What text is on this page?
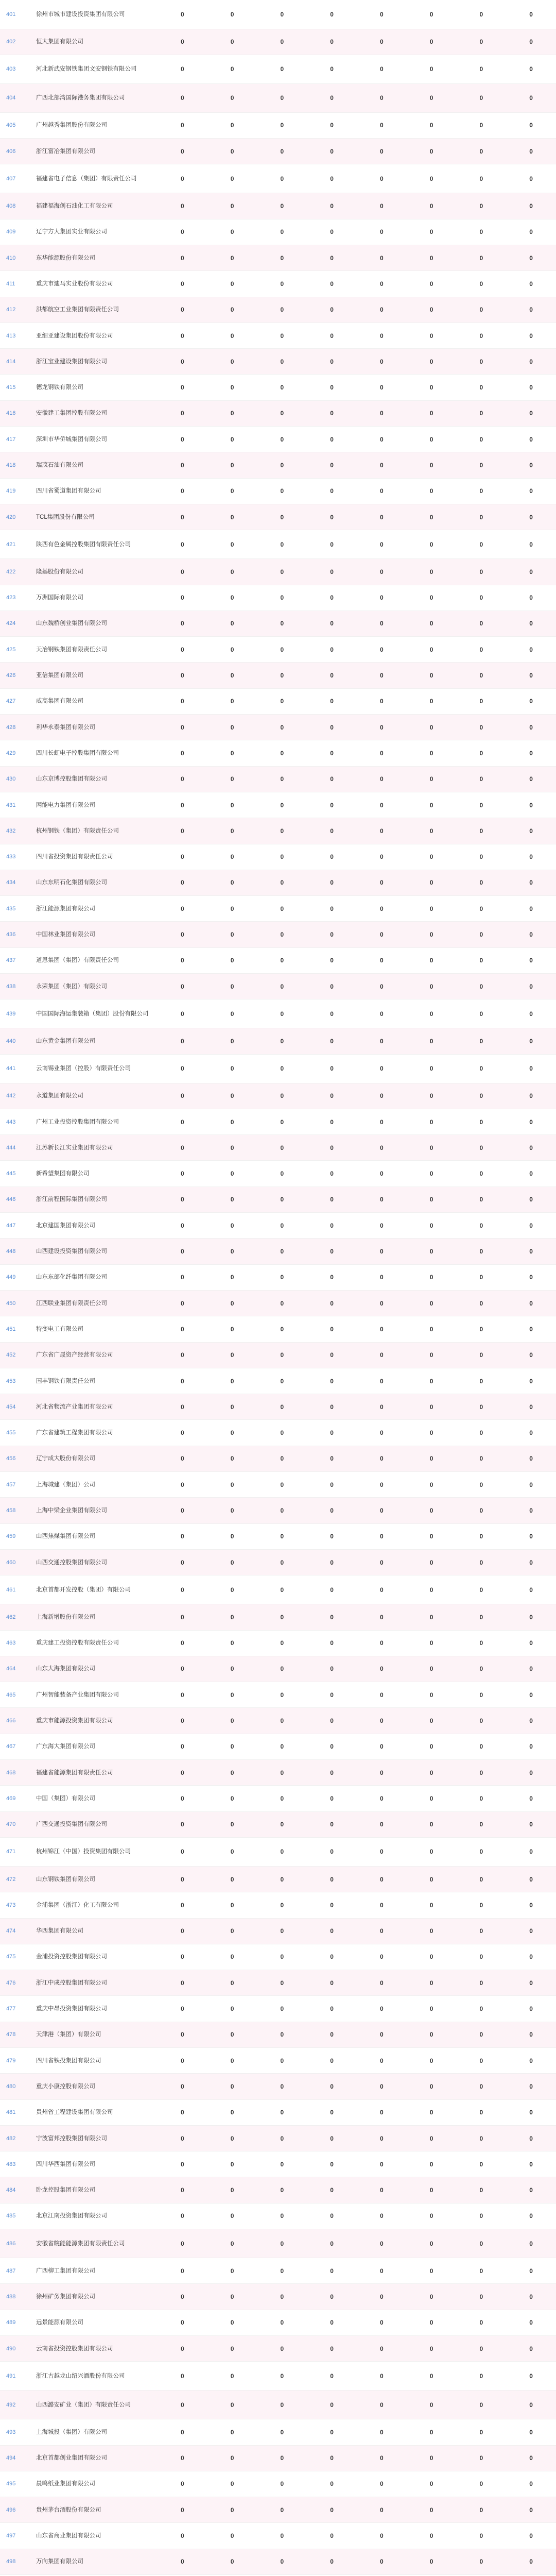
401	徐州市城市建设投资集团有限公司	0	0	0	0	0	0	0	0
402	恒大集团有限公司	0	0	0	0	0	0	0	0
403	河北新武安钢铁集团文安钢铁有限公司	0	0	0	0	0	0	0	0
404	广西北部湾国际港务集团有限公司	0	0	0	0	0	0	0	0
405	广州越秀集团股份有限公司	0	0	0	0	0	0	0	0
406	浙江富冶集团有限公司	0	0	0	0	0	0	0	0
407	福建省电子信息（集团）有限责任公司	0	0	0	0	0	0	0	0
408	福建福海创石油化工有限公司	0	0	0	0	0	0	0	0
409	辽宁方大集团实业有限公司	0	0	0	0	0	0	0	0
410	东华能源股份有限公司	0	0	0	0	0	0	0	0
411	重庆市迪马实业股份有限公司	0	0	0	0	0	0	0	0
412	洪都航空工业集团有限责任公司	0	0	0	0	0	0	0	0
413	亚细亚建设集团股份有限公司	0	0	0	0	0	0	0	0
414	浙江宝业建设集团有限公司	0	0	0	0	0	0	0	0
415	德龙钢铁有限公司	0	0	0	0	0	0	0	0
416	安徽建工集团控股有限公司	0	0	0	0	0	0	0	0
417	深圳市华侨城集团有限公司	0	0	0	0	0	0	0	0
418	瑞茂石油有限公司	0	0	0	0	0	0	0	0
419	四川省蜀道集团有限公司	0	0	0	0	0	0	0	0
420	TCL集团股份有限公司	0	0	0	0	0	0	0	0
421	陕西有色金属控股集团有限责任公司	0	0	0	0	0	0	0	0
422	隆基股份有限公司	0	0	0	0	0	0	0	0
423	万洲国际有限公司	0	0	0	0	0	0	0	0
424	山东魏桥创业集团有限公司	0	0	0	0	0	0	0	0
425	天冶钢铁集团有限责任公司	0	0	0	0	0	0	0	0
426	亚信集团有限公司	0	0	0	0	0	0	0	0
427	威高集团有限公司	0	0	0	0	0	0	0	0
428	利华永泰集团有限公司	0	0	0	0	0	0	0	0
429	四川长虹电子控股集团有限公司	0	0	0	0	0	0	0	0
430	山东京博控股集团有限公司	0	0	0	0	0	0	0	0
431	网能电力集团有限公司	0	0	0	0	0	0	0	0
432	杭州钢铁（集团）有限责任公司	0	0	0	0	0	0	0	0
433	四川省投资集团有限责任公司	0	0	0	0	0	0	0	0
434	山东东明石化集团有限公司	0	0	0	0	0	0	0	0
435	浙江能源集团有限公司	0	0	0	0	0	0	0	0
436	中国林业集团有限公司	0	0	0	0	0	0	0	0
437	道恩集团（集团）有限责任公司	0	0	0	0	0	0	0	0
438	永荣集团（集团）有限公司	0	0	0	0	0	0	0	0
439	中国国际海运集装箱（集团）股份有限公司	0	0	0	0	0	0	0	0
440	山东黄金集团有限公司	0	0	0	0	0	0	0	0
441	云南锡业集团（控股）有限责任公司	0	0	0	0	0	0	0	0
442	永道集团有限公司	0	0	0	0	0	0	0	0
443	广州工业投资控股集团有限公司	0	0	0	0	0	0	0	0
444	江苏新长江实业集团有限公司	0	0	0	0	0	0	0	0
445	新希望集团有限公司	0	0	0	0	0	0	0	0
446	浙江前程国际集团有限公司	0	0	0	0	0	0	0	0
447	北京建国集团有限公司	0	0	0	0	0	0	0	0
448	山西建设投资集团有限公司	0	0	0	0	0	0	0	0
449	山东东部化纤集团有限公司	0	0	0	0	0	0	0	0
450	江西联业集团有限责任公司	0	0	0	0	0	0	0	0
451	特变电工有限公司	0	0	0	0	0	0	0	0
452	广东省广晟资产经营有限公司	0	0	0	0	0	0	0	0
453	国丰钢铁有限责任公司	0	0	0	0	0	0	0	0
454	河北省物流产业集团有限公司	0	0	0	0	0	0	0	0
455	广东省建筑工程集团有限公司	0	0	0	0	0	0	0	0
456	辽宁成大股份有限公司	0	0	0	0	0	0	0	0
457	上海城建（集团）公司	0	0	0	0	0	0	0	0
458	上海中梁企业集团有限公司	0	0	0	0	0	0	0	0
459	山西焦煤集团有限公司	0	0	0	0	0	0	0	0
460	山西交通控股集团有限公司	0	0	0	0	0	0	0	0
461	北京首都开发控股（集团）有限公司	0	0	0	0	0	0	0	0
462	上海新增股份有限公司	0	0	0	0	0	0	0	0
463	重庆建工投资控股有限责任公司	0	0	0	0	0	0	0	0
464	山东大海集团有限公司	0	0	0	0	0	0	0	0
465	广州智能装备产业集团有限公司	0	0	0	0	0	0	0	0
466	重庆市能源投资集团有限公司	0	0	0	0	0	0	0	0
467	广东海大集团有限公司	0	0	0	0	0	0	0	0
468	福建省能源集团有限责任公司	0	0	0	0	0	0	0	0
469	中国（集团）有限公司	0	0	0	0	0	0	0	0
470	广西交通投资集团有限公司	0	0	0	0	0	0	0	0
471	杭州锦江（中国）投资集团有限公司	0	0	0	0	0	0	0	0
472	山东钢铁集团有限公司	0	0	0	0	0	0	0	0
473	金浦集团（浙江）化工有限公司	0	0	0	0	0	0	0	0
474	华西集团有限公司	0	0	0	0	0	0	0	0
475	金浦投资控股集团有限公司	0	0	0	0	0	0	0	0
476	浙江中成控股集团有限公司	0	0	0	0	0	0	0	0
477	重庆中昂投资集团有限公司	0	0	0	0	0	0	0	0
478	天津港（集团）有限公司	0	0	0	0	0	0	0	0
479	四川省铁投集团有限公司	0	0	0	0	0	0	0	0
480	重庆小康控股有限公司	0	0	0	0	0	0	0	0
481	贵州省工程建设集团有限公司	0	0	0	0	0	0	0	0
482	宁波富邦控股集团有限公司	0	0	0	0	0	0	0	0
483	四川华西集团有限公司	0	0	0	0	0	0	0	0
484	卧龙控股集团有限公司	0	0	0	0	0	0	0	0
485	北京江南投资集团有限公司	0	0	0	0	0	0	0	0
486	安徽省皖能能源集团有限责任公司	0	0	0	0	0	0	0	0
487	广西柳工集团有限公司	0	0	0	0	0	0	0	0
488	徐州矿务集团有限公司	0	0	0	0	0	0	0	0
489	远景能源有限公司	0	0	0	0	0	0	0	0
490	云南省投资控股集团有限公司	0	0	0	0	0	0	0	0
491	浙江古越龙山绍兴酒股份有限公司	0	0	0	0	0	0	0	0
492	山西潞安矿业（集团）有限责任公司	0	0	0	0	0	0	0	0
493	上海城投（集团）有限公司	0	0	0	0	0	0	0	0
494	北京首都创业集团有限公司	0	0	0	0	0	0	0	0
495	晨鸣纸业集团有限公司	0	0	0	0	0	0	0	0
496	贵州茅台酒股份有限公司	0	0	0	0	0	0	0	0
497	山东省商业集团有限公司	0	0	0	0	0	0	0	0
498	万向集团有限公司	0	0	0	0	0	0	0	0
